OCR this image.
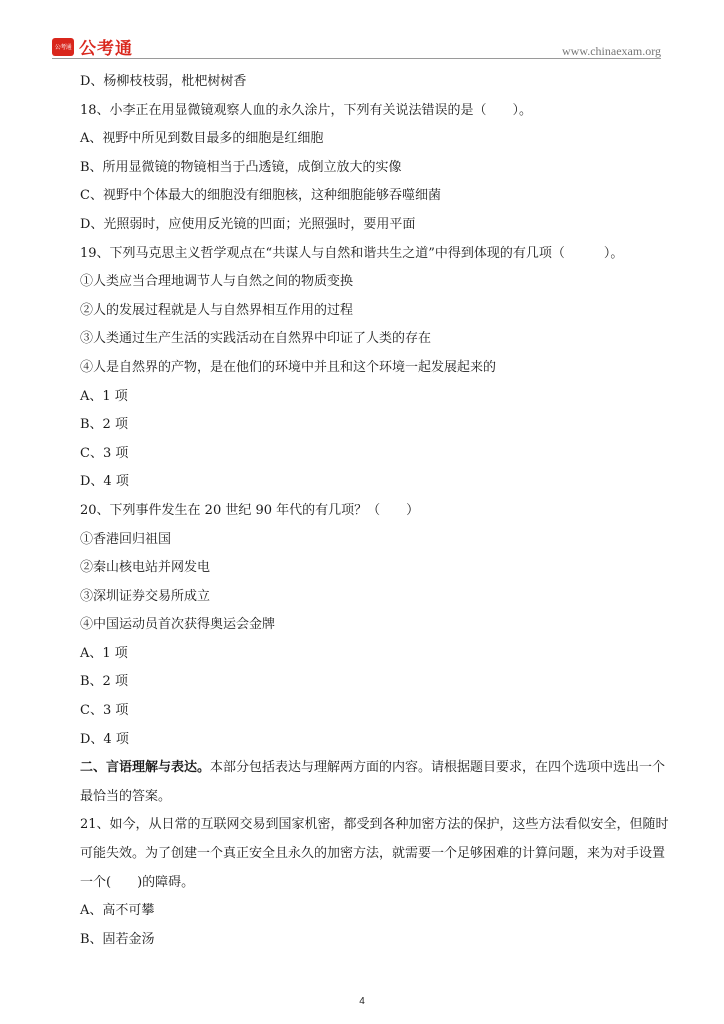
公考通 公考通	www.chinaexam.org
D、杨柳枝枝弱，枇杷树树香
18、小李正在用显微镜观察人血的永久涂片，下列有关说法错误的是（　　）。
A、视野中所见到数目最多的细胞是红细胞
B、所用显微镜的物镜相当于凸透镜，成倒立放大的实像
C、视野中个体最大的细胞没有细胞核，这种细胞能够吞噬细菌
D、光照弱时，应使用反光镜的凹面；光照强时，要用平面
19、下列马克思主义哲学观点在“共谋人与自然和谐共生之道”中得到体现的有几项（　　　）。
①人类应当合理地调节人与自然之间的物质变换
②人的发展过程就是人与自然界相互作用的过程
③人类通过生产生活的实践活动在自然界中印证了人类的存在
④人是自然界的产物，是在他们的环境中并且和这个环境一起发展起来的
A、1 项
B、2 项
C、3 项
D、4 项
20、下列事件发生在 20 世纪 90 年代的有几项？（　　）
①香港回归祖国
②秦山核电站并网发电
③深圳证券交易所成立
④中国运动员首次获得奥运会金牌
A、1 项
B、2 项
C、3 项
D、4 项
二、言语理解与表达。本部分包括表达与理解两方面的内容。请根据题目要求，在四个选项中选出一个最恰当的答案。
21、如今，从日常的互联网交易到国家机密，都受到各种加密方法的保护，这些方法看似安全，但随时可能失效。为了创建一个真正安全且永久的加密方法，就需要一个足够困难的计算问题，来为对手设置一个(　　)的障碍。
A、高不可攀
B、固若金汤
4
